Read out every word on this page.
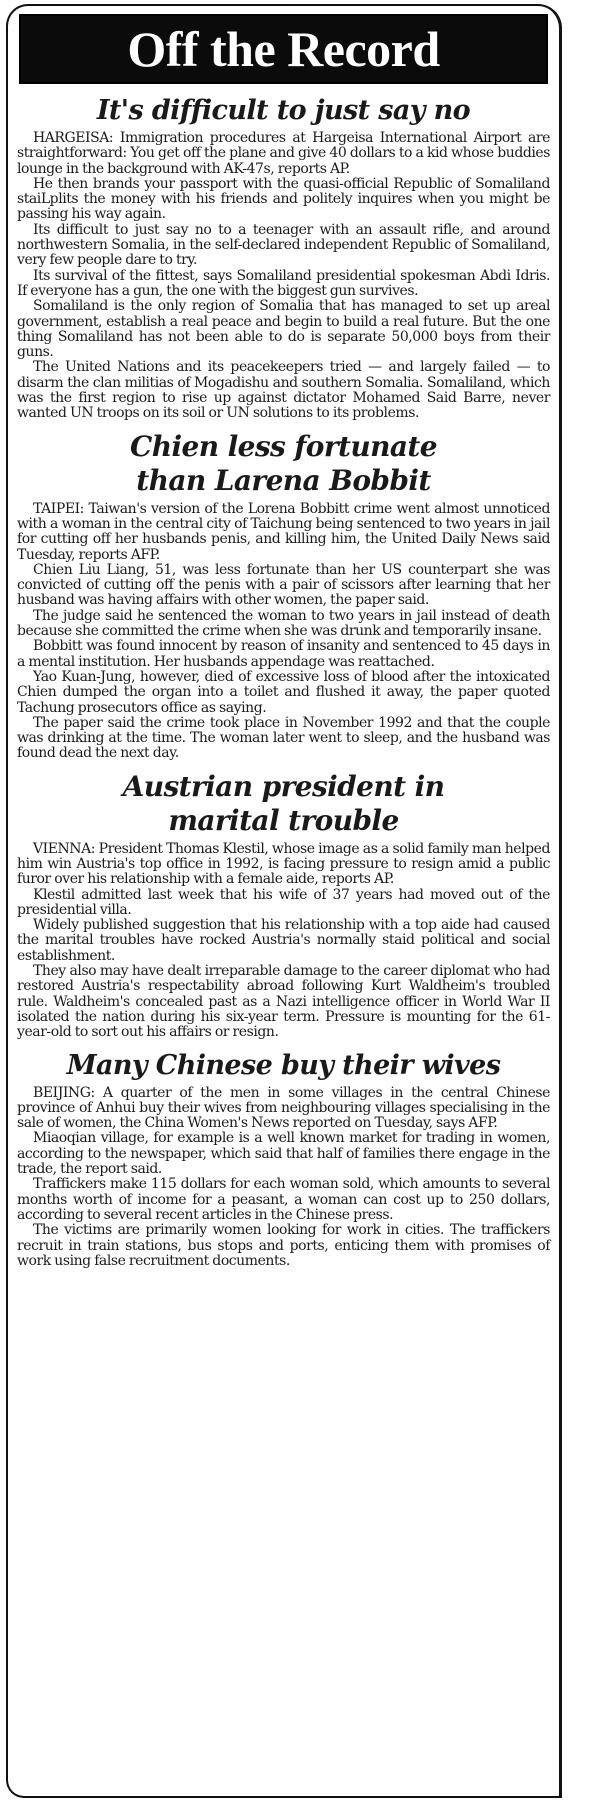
Off the Record
It's difficult to just say no

HARGEISA: Immigration procedures at Hargeisa International Airport are straightforward: You get off the plane and give 40 dollars to a kid whose buddies lounge in the background with AK-47s, reports AP.

He then brands your passport with the quasi-official Republic of Somaliland staiLplits the money with his friends and politely inquires when you might be passing his way again.

Its difficult to just say no to a teenager with an assault rifle, and around northwestern Somalia, in the self-declared independent Republic of Somaliland, very few people dare to try.

Its survival of the fittest, says Somaliland presidential spokesman Abdi Idris. If everyone has a gun, the one with the biggest gun survives.

Somaliland is the only region of Somalia that has managed to set up areal government, establish a real peace and begin to build a real future. But the one thing Somaliland has not been able to do is separate 50,000 boys from their guns.

The United Nations and its peacekeepers tried — and largely failed — to disarm the clan militias of Mogadishu and southern Somalia. Somaliland, which was the first region to rise up against dictator Mohamed Said Barre, never wanted UN troops on its soil or UN solutions to its problems.

Chien less fortunate
than Larena Bobbit

TAIPEI: Taiwan's version of the Lorena Bobbitt crime went almost unnoticed with a woman in the central city of Taichung being sentenced to two years in jail for cutting off her husbands penis, and killing him, the United Daily News said Tuesday, reports AFP.

Chien Liu Liang, 51, was less fortunate than her US counterpart she was convicted of cutting off the penis with a pair of scissors after learning that her husband was having affairs with other women, the paper said.

The judge said he sentenced the woman to two years in jail instead of death because she committed the crime when she was drunk and temporarily insane.

Bobbitt was found innocent by reason of insanity and sentenced to 45 days in a mental institution. Her husbands appendage was reattached.

Yao Kuan-Jung, however, died of excessive loss of blood after the intoxicated Chien dumped the organ into a toilet and flushed it away, the paper quoted Tachung prosecutors office as saying.

The paper said the crime took place in November 1992 and that the couple was drinking at the time. The woman later went to sleep, and the husband was found dead the next day.

Austrian president in
marital trouble

VIENNA: President Thomas Klestil, whose image as a solid family man helped him win Austria's top office in 1992, is facing pressure to resign amid a public furor over his relationship with a female aide, reports AP.

Klestil admitted last week that his wife of 37 years had moved out of the presidential villa.

Widely published suggestion that his relationship with a top aide had caused the marital troubles have rocked Austria's normally staid political and social establishment.

They also may have dealt irreparable damage to the career diplomat who had restored Austria's respectability abroad following Kurt Waldheim's troubled rule. Waldheim's concealed past as a Nazi intelligence officer in World War II isolated the nation during his six-year term. Pressure is mounting for the 61-year-old to sort out his affairs or resign.

Many Chinese buy their wives

BEIJING: A quarter of the men in some villages in the central Chinese province of Anhui buy their wives from neighbouring villages specialising in the sale of women, the China Women's News reported on Tuesday, says AFP.

Miaoqian village, for example is a well known market for trading in women, according to the newspaper, which said that half of families there engage in the trade, the report said.

Traffickers make 115 dollars for each woman sold, which amounts to several months worth of income for a peasant, a woman can cost up to 250 dollars, according to several recent articles in the Chinese press.

The victims are primarily women looking for work in cities. The traffickers recruit in train stations, bus stops and ports, enticing them with promises of work using false recruitment documents.
